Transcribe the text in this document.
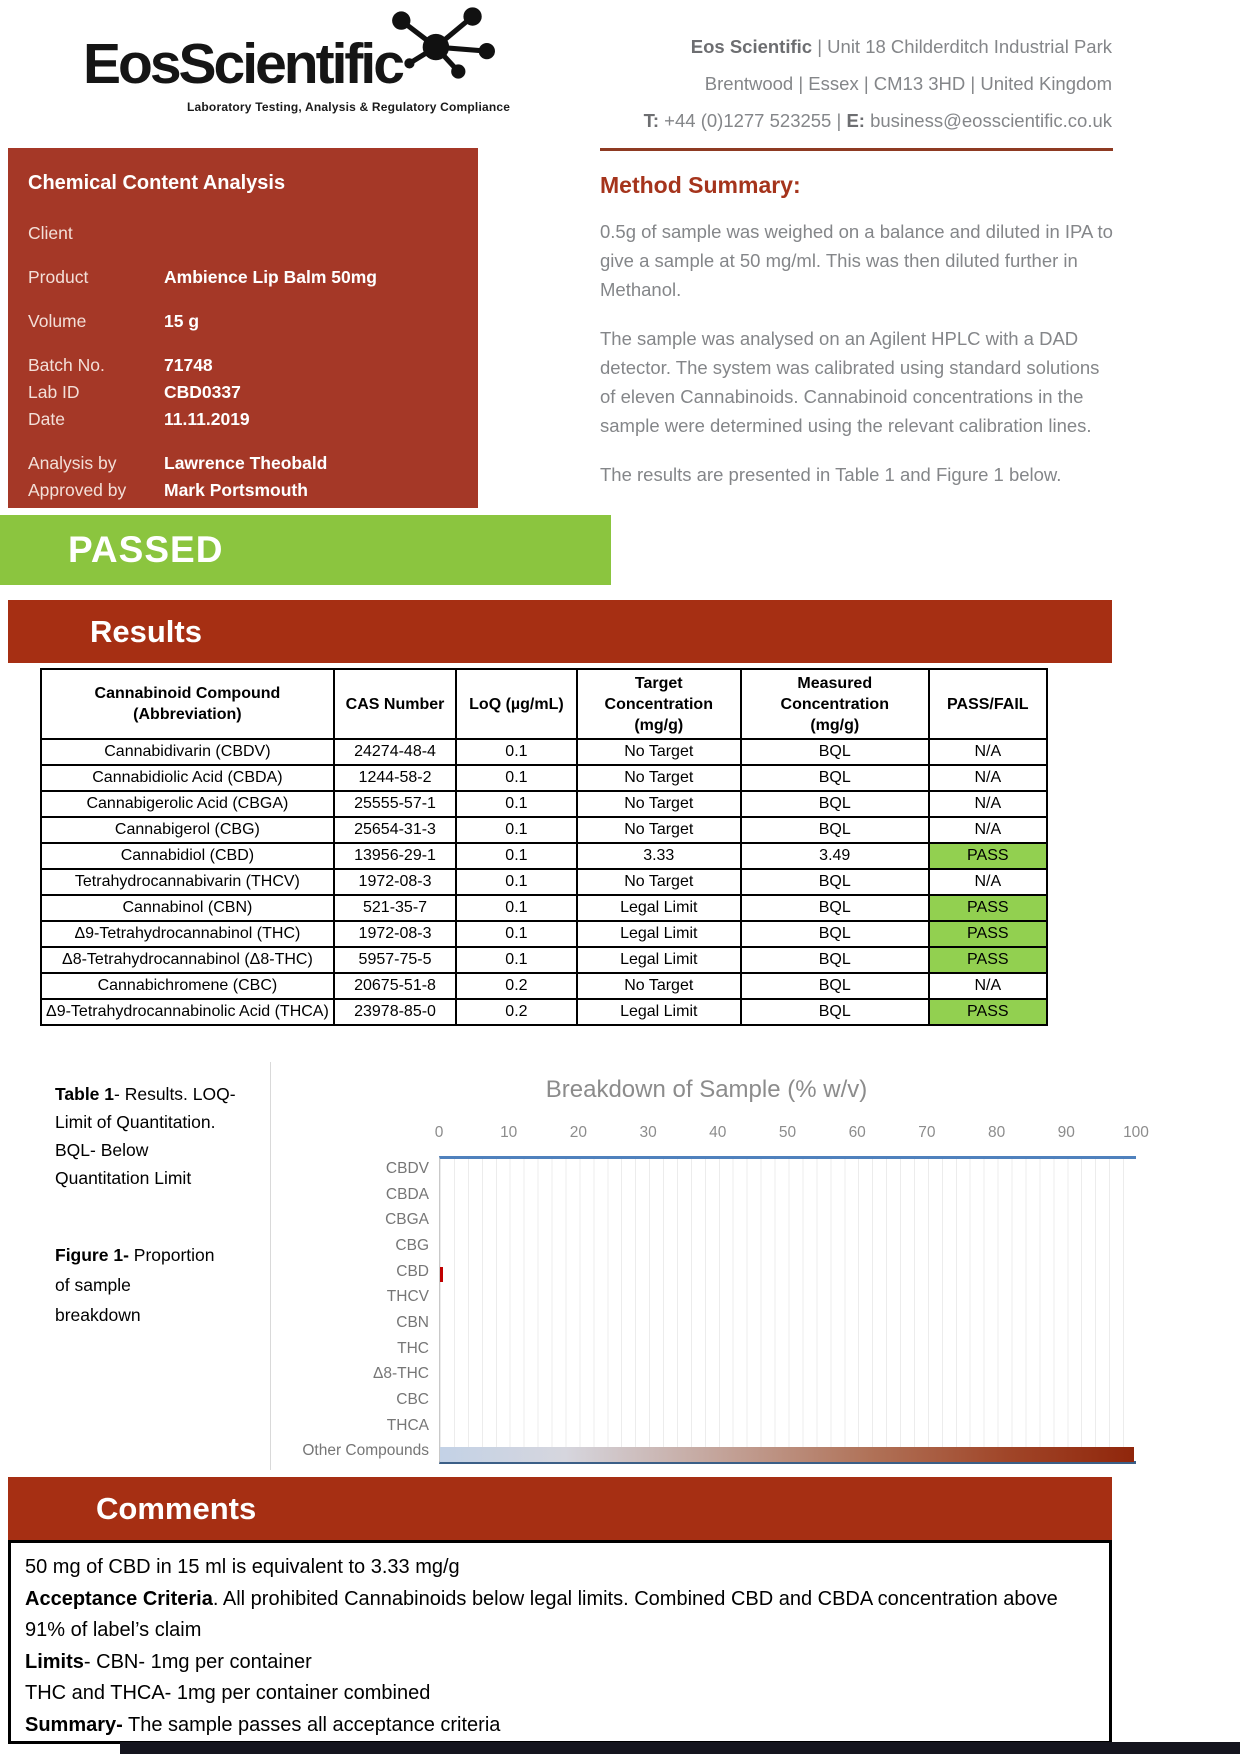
EosScientific
Laboratory Testing, Analysis & Regulatory Compliance
Eos Scientific | Unit 18 Childerditch Industrial Park
Brentwood | Essex | CM13 3HD | United Kingdom
T: +44 (0)1277 523255 | E: business@eosscientific.co.uk
Chemical Content Analysis
Client
Product	Ambience Lip Balm 50mg
Volume	15 g
Batch No.	71748
Lab ID	CBD0337
Date	11.11.2019
Analysis by	Lawrence Theobald
Approved by	Mark Portsmouth
Method Summary:
0.5g of sample was weighed on a balance and diluted in IPA to give a sample at 50 mg/ml. This was then diluted further in Methanol.
The sample was analysed on an Agilent HPLC with a DAD detector. The system was calibrated using standard solutions of eleven Cannabinoids. Cannabinoid concentrations in the sample were determined using the relevant calibration lines.
The results are presented in Table 1 and Figure 1 below.
PASSED
Results
Cannabinoid Compound
(Abbreviation)	CAS Number	LoQ (µg/mL)	Target
Concentration
(mg/g)	Measured
Concentration
(mg/g)	PASS/FAIL
Cannabidivarin (CBDV)	24274-48-4	0.1	No Target	BQL	N/A
Cannabidiolic Acid (CBDA)	1244-58-2	0.1	No Target	BQL	N/A
Cannabigerolic Acid (CBGA)	25555-57-1	0.1	No Target	BQL	N/A
Cannabigerol (CBG)	25654-31-3	0.1	No Target	BQL	N/A
Cannabidiol (CBD)	13956-29-1	0.1	3.33	3.49	PASS
Tetrahydrocannabivarin (THCV)	1972-08-3	0.1	No Target	BQL	N/A
Cannabinol (CBN)	521-35-7	0.1	Legal Limit	BQL	PASS
Δ9-Tetrahydrocannabinol (THC)	1972-08-3	0.1	Legal Limit	BQL	PASS
Δ8-Tetrahydrocannabinol (Δ8-THC)	5957-75-5	0.1	Legal Limit	BQL	PASS
Cannabichromene (CBC)	20675-51-8	0.2	No Target	BQL	N/A
Δ9-Tetrahydrocannabinolic Acid (THCA)	23978-85-0	0.2	Legal Limit	BQL	PASS
Table 1- Results. LOQ- Limit of Quantitation. BQL- Below Quantitation Limit
Figure 1- Proportion of sample breakdown
Breakdown of Sample (% w/v)
0	10	20	30	40	50	60	70	80	90	100
CBDV
CBDA
CBGA
CBG
CBD
THCV
CBN
THC
Δ8-THC
CBC
THCA
Other Compounds
Comments
50 mg of CBD in 15 ml is equivalent to 3.33 mg/g
Acceptance Criteria. All prohibited Cannabinoids below legal limits. Combined CBD and CBDA concentration above 91% of label’s claim
Limits- CBN- 1mg per container
THC and THCA- 1mg per container combined
Summary- The sample passes all acceptance criteria
